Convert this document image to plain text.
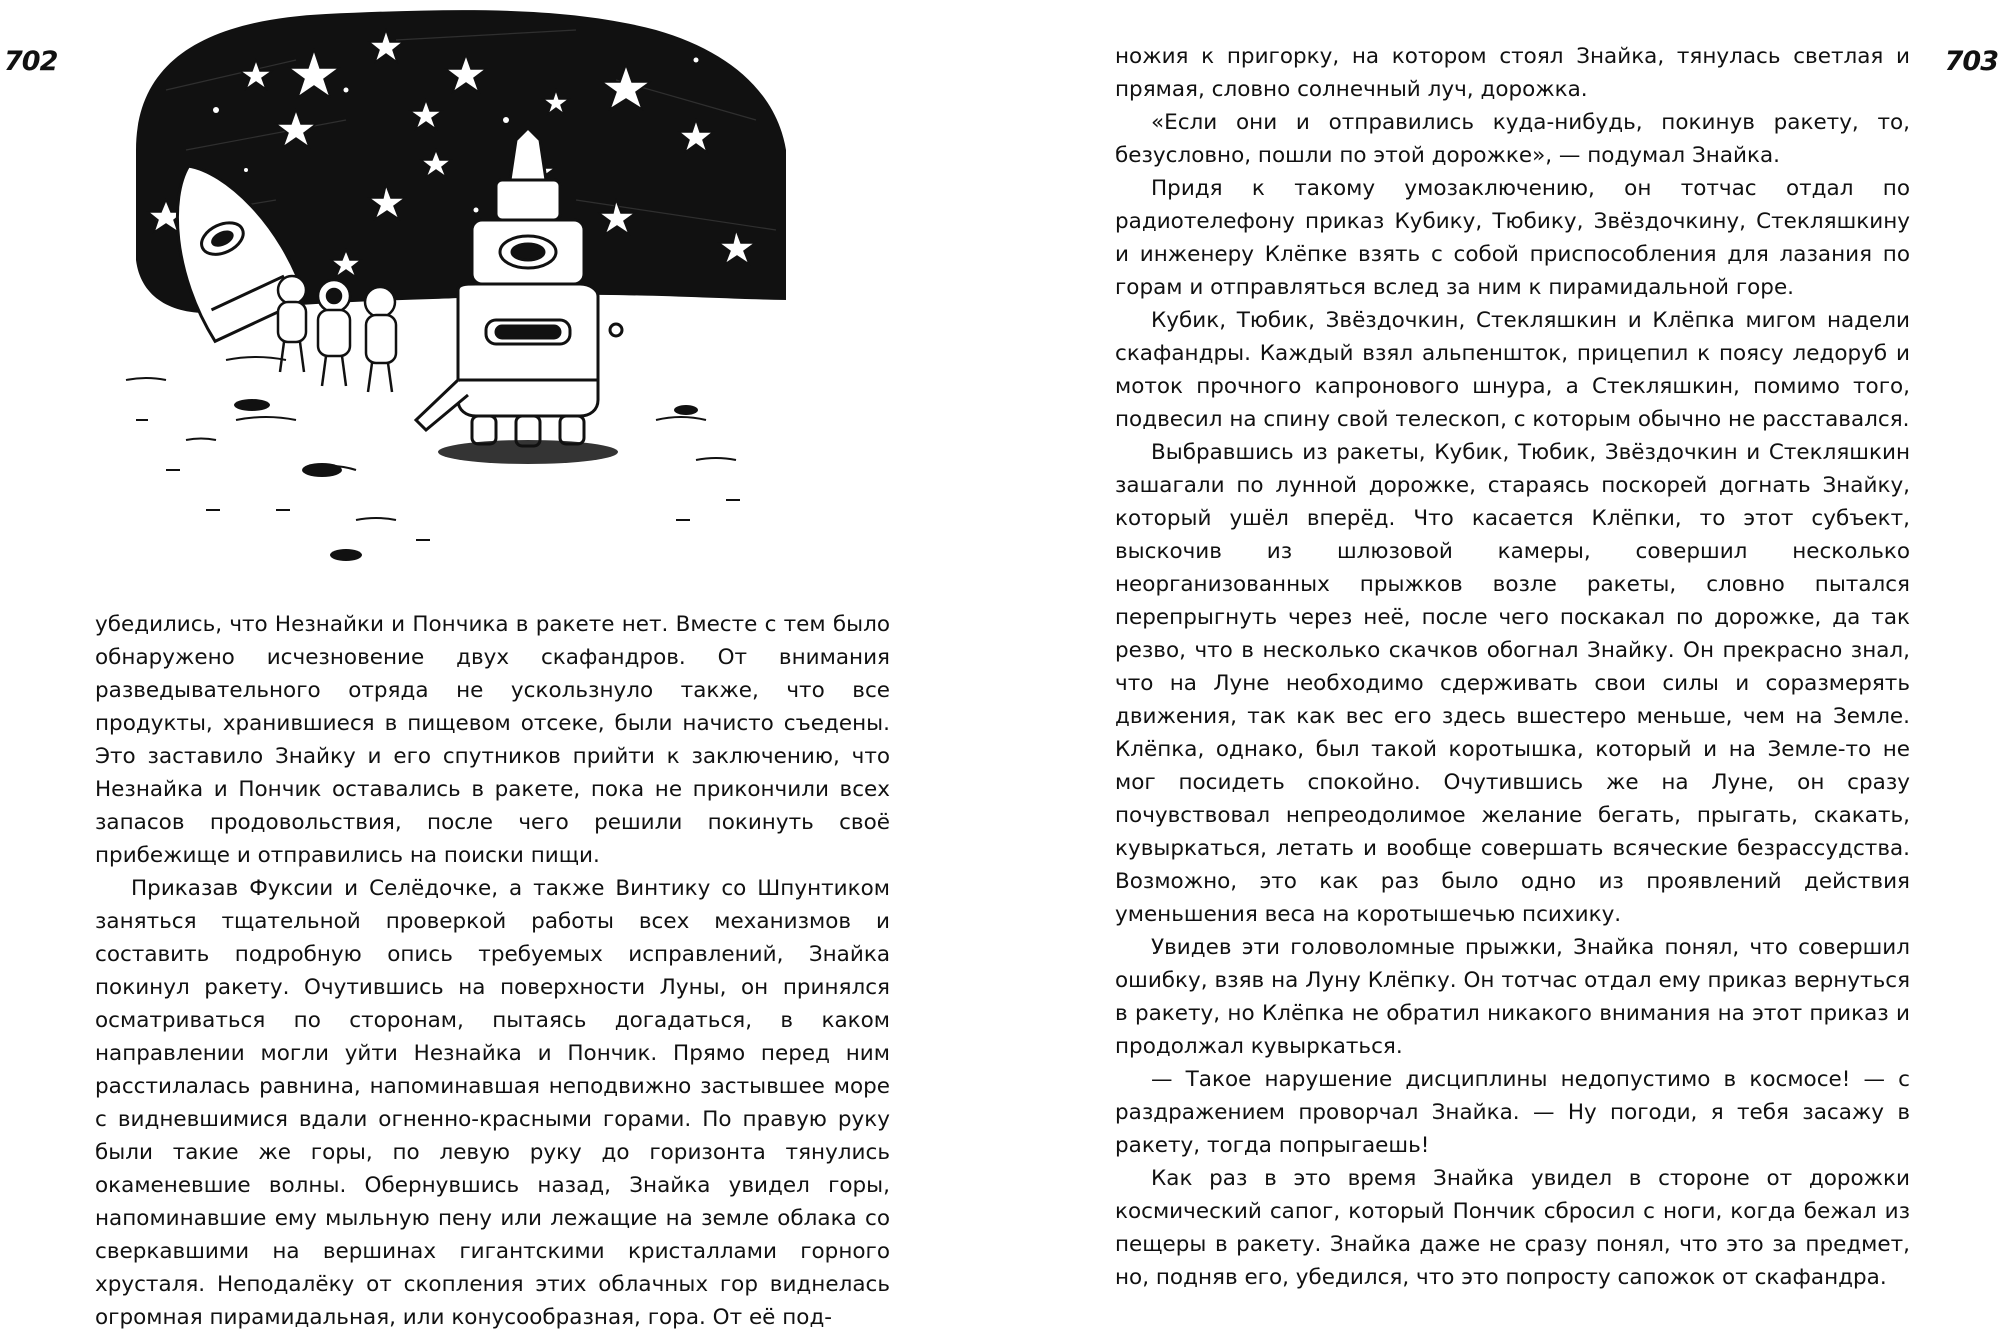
702

убедились, что Незнайки и Пончика в ракете нет. Вместе с тем было обнаружено исчезновение двух скафандров. От внимания разведывательного отряда не ускользнуло также, что все продукты, хранившиеся в пищевом отсеке, были начисто съедены. Это заставило Знайку и его спутников прийти к заключению, что Незнайка и Пончик оставались в ракете, пока не прикончили всех запасов продовольствия, после чего решили покинуть своё прибежище и отправились на поиски пищи.

Приказав Фуксии и Селёдочке, а также Винтику со Шпунтиком заняться тщательной проверкой работы всех механизмов и составить подробную опись требуемых исправлений, Знайка покинул ракету. Очутившись на поверхности Луны, он принялся осматриваться по сторонам, пытаясь догадаться, в каком направлении могли уйти Незнайка и Пончик. Прямо перед ним расстилалась равнина, напоминавшая неподвижно застывшее море с видневшимися вдали огненно-красными горами. По правую руку были такие же горы, по левую руку до горизонта тянулись окаменевшие волны. Обернувшись назад, Знайка увидел горы, напоминавшие ему мыльную пену или лежащие на земле облака со сверкавшими на вершинах гигантскими кристаллами горного хрусталя. Неподалёку от скопления этих облачных гор виднелась огромная пирамидальная, или конусообразная, гора. От её под-

703

ножия к пригорку, на котором стоял Знайка, тянулась светлая и прямая, словно солнечный луч, дорожка.

«Если они и отправились куда-нибудь, покинув ракету, то, безусловно, пошли по этой дорожке», — подумал Знайка.

Придя к такому умозаключению, он тотчас отдал по радиотелефону приказ Кубику, Тюбику, Звёздочкину, Стекляшкину и инженеру Клёпке взять с собой приспособления для лазания по горам и отправляться вслед за ним к пирамидальной горе.

Кубик, Тюбик, Звёздочкин, Стекляшкин и Клёпка мигом надели скафандры. Каждый взял альпеншток, прицепил к поясу ледоруб и моток прочного капронового шнура, а Стекляшкин, помимо того, подвесил на спину свой телескоп, с которым обычно не расставался.

Выбравшись из ракеты, Кубик, Тюбик, Звёздочкин и Стекляшкин зашагали по лунной дорожке, стараясь поскорей догнать Знайку, который ушёл вперёд. Что касается Клёпки, то этот субъект, выскочив из шлюзовой камеры, совершил несколько неорганизованных прыжков возле ракеты, словно пытался перепрыгнуть через неё, после чего поскакал по дорожке, да так резво, что в несколько скачков обогнал Знайку. Он прекрасно знал, что на Луне необходимо сдерживать свои силы и соразмерять движения, так как вес его здесь вшестеро меньше, чем на Земле. Клёпка, однако, был такой коротышка, который и на Земле-то не мог посидеть спокойно. Очутившись же на Луне, он сразу почувствовал непреодолимое желание бегать, прыгать, скакать, кувыркаться, летать и вообще совершать всяческие безрассудства. Возможно, это как раз было одно из проявлений действия уменьшения веса на коротышечью психику.

Увидев эти головоломные прыжки, Знайка понял, что совершил ошибку, взяв на Луну Клёпку. Он тотчас отдал ему приказ вернуться в ракету, но Клёпка не обратил никакого внимания на этот приказ и продолжал кувыркаться.

— Такое нарушение дисциплины недопустимо в космосе! — с раздражением проворчал Знайка. — Ну погоди, я тебя засажу в ракету, тогда попрыгаешь!

Как раз в это время Знайка увидел в стороне от дорожки космический сапог, который Пончик сбросил с ноги, когда бежал из пещеры в ракету. Знайка даже не сразу понял, что это за предмет, но, подняв его, убедился, что это попросту сапожок от скафандра.
